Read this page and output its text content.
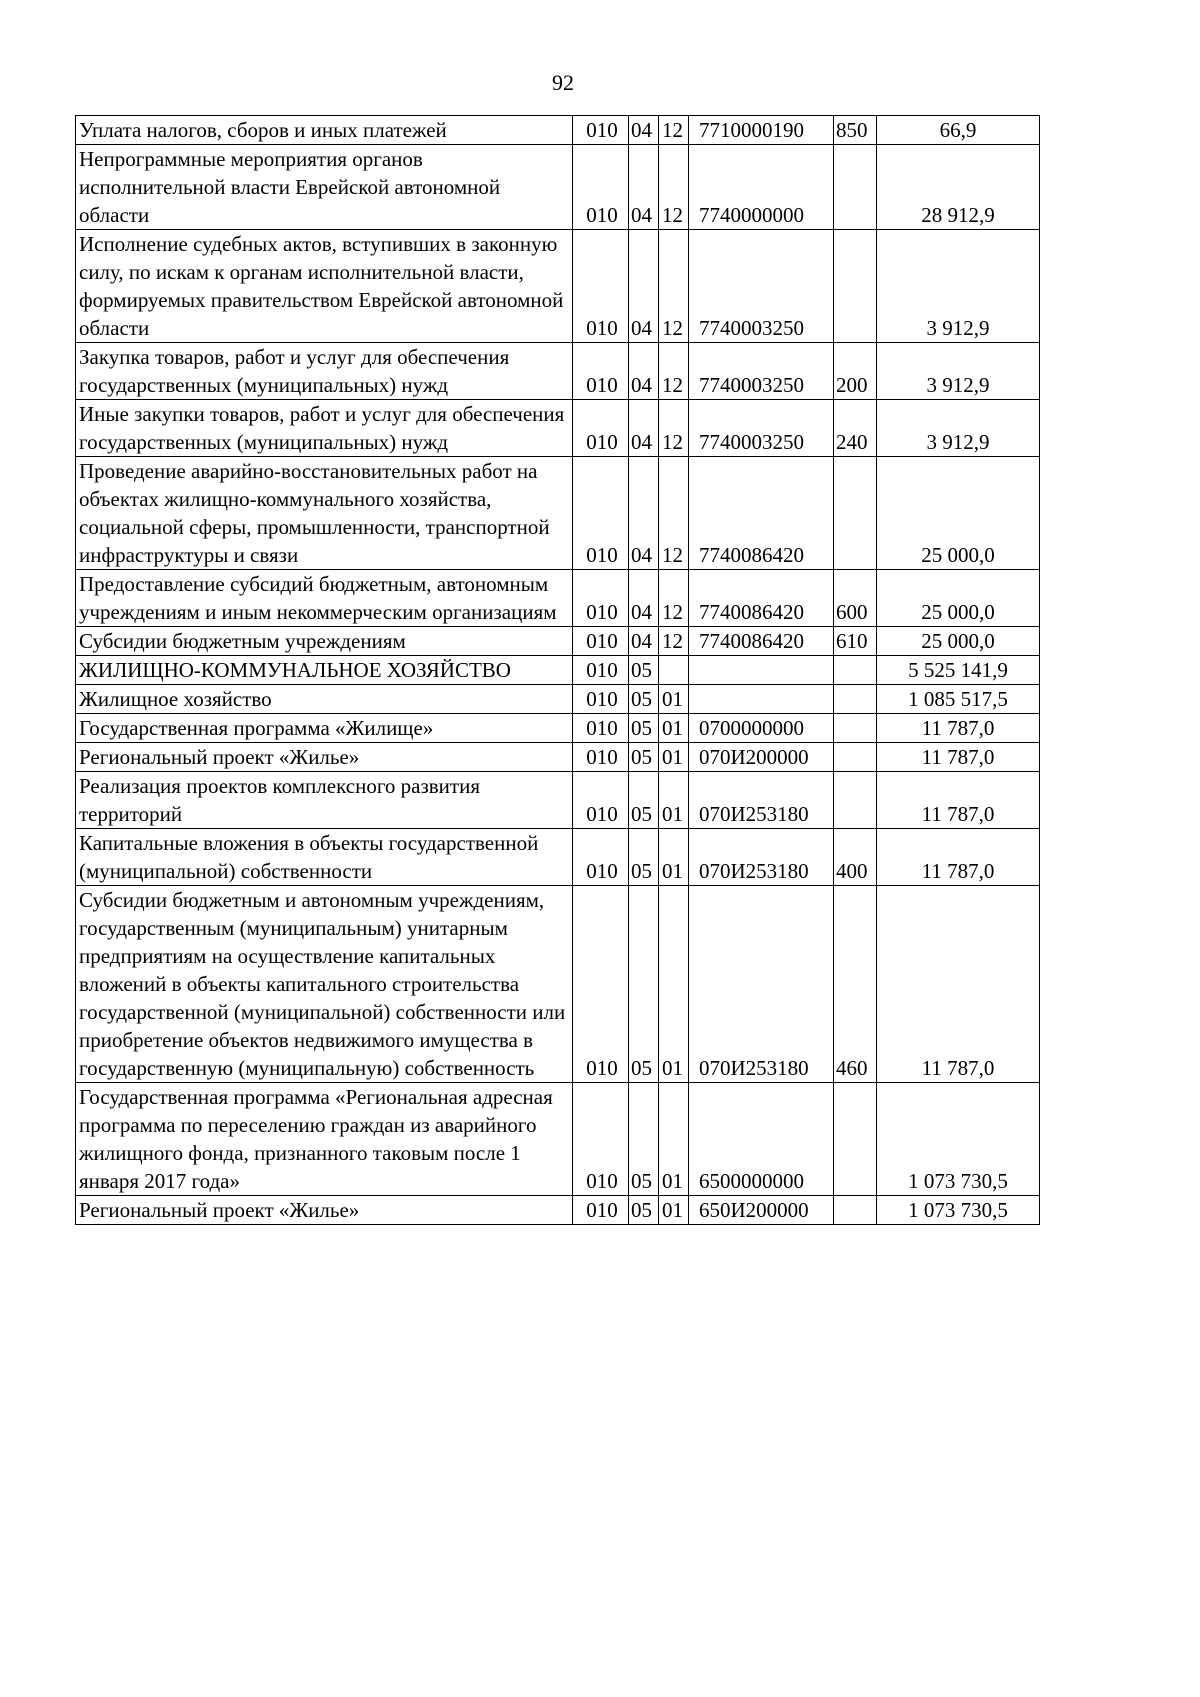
92
Уплата налогов, сборов и иных платежей	010	04	12	7710000190	850	66,9
Непрограммные мероприятия органов исполнительной власти Еврейской автономной области	010	04	12	7740000000		28 912,9
Исполнение судебных актов, вступивших в законную силу, по искам к органам исполнительной власти, формируемых правительством Еврейской автономной области	010	04	12	7740003250		3 912,9
Закупка товаров, работ и услуг для обеспечения государственных (муниципальных) нужд	010	04	12	7740003250	200	3 912,9
Иные закупки товаров, работ и услуг для обеспечения государственных (муниципальных) нужд	010	04	12	7740003250	240	3 912,9
Проведение аварийно-восстановительных работ на объектах жилищно-коммунального хозяйства, социальной сферы, промышленности, транспортной инфраструктуры и связи	010	04	12	7740086420		25 000,0
Предоставление субсидий бюджетным, автономным учреждениям и иным некоммерческим организациям	010	04	12	7740086420	600	25 000,0
Субсидии бюджетным учреждениям	010	04	12	7740086420	610	25 000,0
ЖИЛИЩНО-КОММУНАЛЬНОЕ ХОЗЯЙСТВО	010	05				5 525 141,9
Жилищное хозяйство	010	05	01			1 085 517,5
Государственная программа «Жилище»	010	05	01	0700000000		11 787,0
Региональный проект «Жилье»	010	05	01	070И200000		11 787,0
Реализация проектов комплексного развития территорий	010	05	01	070И253180		11 787,0
Капитальные вложения в объекты государственной (муниципальной) собственности	010	05	01	070И253180	400	11 787,0
Субсидии бюджетным и автономным учреждениям, государственным (муниципальным) унитарным предприятиям на осуществление капитальных вложений в объекты капитального строительства государственной (муниципальной) собственности или приобретение объектов недвижимого имущества в государственную (муниципальную) собственность	010	05	01	070И253180	460	11 787,0
Государственная программа «Региональная адресная программа по переселению граждан из аварийного жилищного фонда, признанного таковым после 1 января 2017 года»	010	05	01	6500000000		1 073 730,5
Региональный проект «Жилье»	010	05	01	650И200000		1 073 730,5
